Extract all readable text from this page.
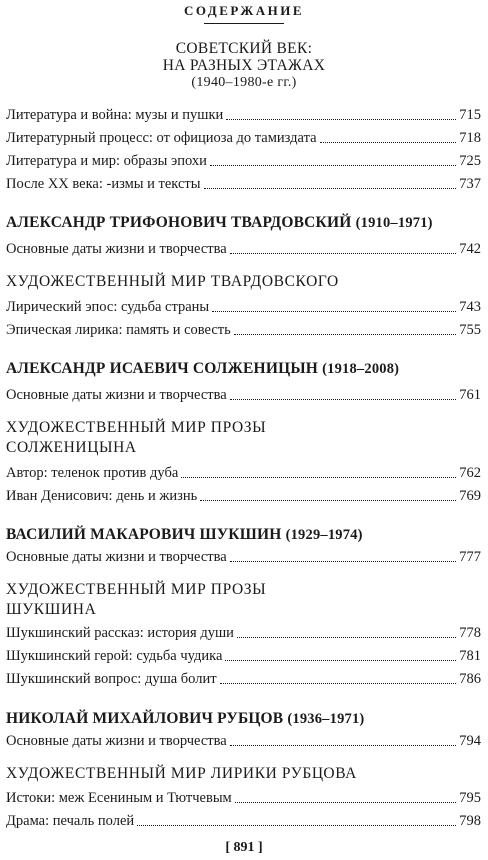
СОДЕРЖАНИЕ
СОВЕТСКИЙ ВЕК:
НА РАЗНЫХ ЭТАЖАХ
(1940–1980-е гг.)
Литература и война: музы и пушки	715
Литературный процесс: от официоза до тамиздата	718
Литература и мир: образы эпохи	725
После XX века: -измы и тексты	737
АЛЕКСАНДР ТРИФОНОВИЧ ТВАРДОВСКИЙ (1910–1971)
Основные даты жизни и творчества	742
ХУДОЖЕСТВЕННЫЙ МИР ТВАРДОВСКОГО
Лирический эпос: судьба страны	743
Эпическая лирика: память и совесть	755
АЛЕКСАНДР ИСАЕВИЧ СОЛЖЕНИЦЫН (1918–2008)
Основные даты жизни и творчества	761
ХУДОЖЕСТВЕННЫЙ МИР ПРОЗЫ
СОЛЖЕНИЦЫНА
Автор: теленок против дуба	762
Иван Денисович: день и жизнь	769
ВАСИЛИЙ МАКАРОВИЧ ШУКШИН (1929–1974)
Основные даты жизни и творчества	777
ХУДОЖЕСТВЕННЫЙ МИР ПРОЗЫ
ШУКШИНА
Шукшинский рассказ: история души	778
Шукшинский герой: судьба чудика	781
Шукшинский вопрос: душа болит	786
НИКОЛАЙ МИХАЙЛОВИЧ РУБЦОВ (1936–1971)
Основные даты жизни и творчества	794
ХУДОЖЕСТВЕННЫЙ МИР ЛИРИКИ РУБЦОВА
Истоки: меж Есениным и Тютчевым	795
Драма: печаль полей	798
[ 891 ]
